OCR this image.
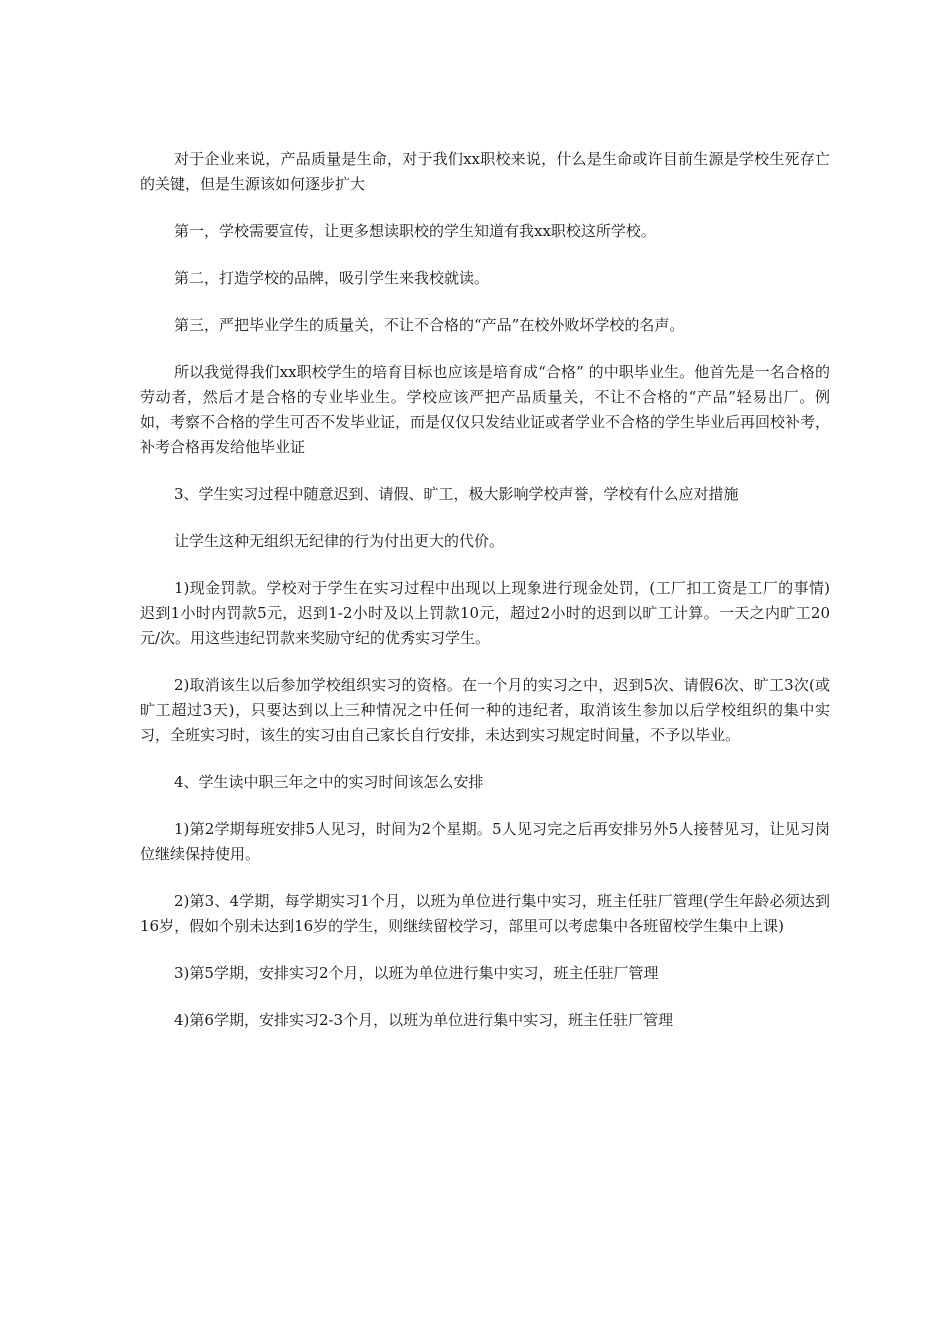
对于企业来说，产品质量是生命，对于我们xx职校来说，什么是生命或许目前生源是学校生死存亡的关键，但是生源该如何逐步扩大

第一，学校需要宣传，让更多想读职校的学生知道有我xx职校这所学校。

第二，打造学校的品牌，吸引学生来我校就读。

第三，严把毕业学生的质量关，不让不合格的“产品”在校外败坏学校的名声。

所以我觉得我们xx职校学生的培育目标也应该是培育成“合格” 的中职毕业生。他首先是一名合格的劳动者，然后才是合格的专业毕业生。学校应该严把产品质量关，不让不合格的“产品”轻易出厂。例如，考察不合格的学生可否不发毕业证，而是仅仅只发结业证或者学业不合格的学生毕业后再回校补考，补考合格再发给他毕业证

3、学生实习过程中随意迟到、请假、旷工，极大影响学校声誉，学校有什么应对措施

让学生这种无组织无纪律的行为付出更大的代价。

1)现金罚款。学校对于学生在实习过程中出现以上现象进行现金处罚，(工厂扣工资是工厂的事情)迟到1小时内罚款5元，迟到1-2小时及以上罚款10元，超过2小时的迟到以旷工计算。一天之内旷工20元/次。用这些违纪罚款来奖励守纪的优秀实习学生。

2)取消该生以后参加学校组织实习的资格。在一个月的实习之中，迟到5次、请假6次、旷工3次(或旷工超过3天)，只要达到以上三种情况之中任何一种的违纪者，取消该生参加以后学校组织的集中实习，全班实习时，该生的实习由自己家长自行安排，未达到实习规定时间量，不予以毕业。

4、学生读中职三年之中的实习时间该怎么安排

1)第2学期每班安排5人见习，时间为2个星期。5人见习完之后再安排另外5人接替见习，让见习岗位继续保持使用。

2)第3、4学期，每学期实习1个月，以班为单位进行集中实习，班主任驻厂管理(学生年龄必须达到16岁，假如个别未达到16岁的学生，则继续留校学习，部里可以考虑集中各班留校学生集中上课)

3)第5学期，安排实习2个月，以班为单位进行集中实习，班主任驻厂管理

4)第6学期，安排实习2-3个月，以班为单位进行集中实习，班主任驻厂管理
